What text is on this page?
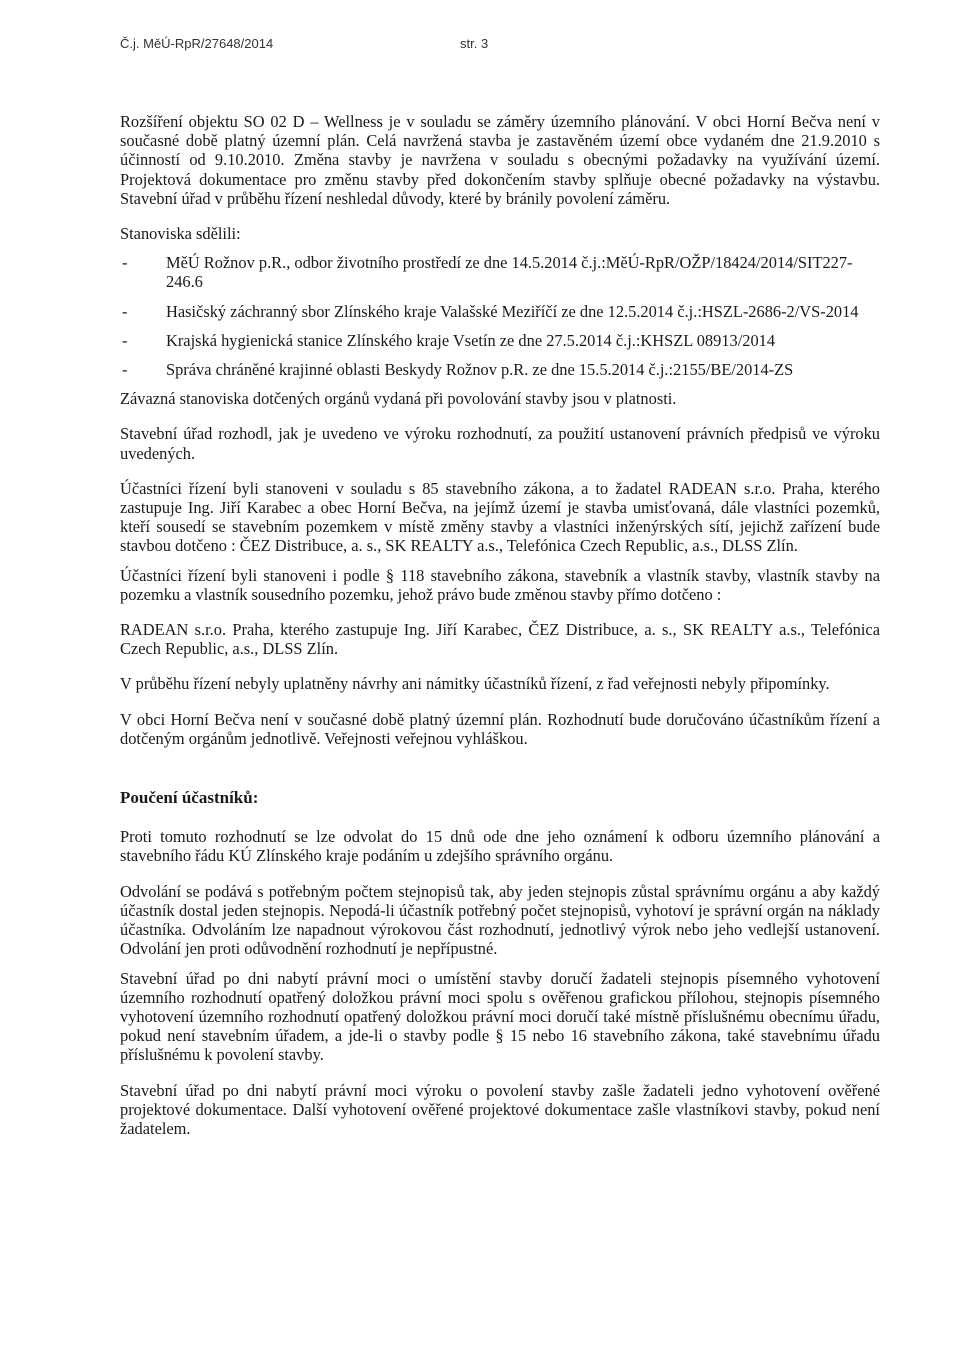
Č.j. MěÚ-RpR/27648/2014	str. 3

Rozšíření objektu SO 02 D – Wellness je v souladu se záměry územního plánování. V obci Horní Bečva není v současné době platný územní plán. Celá navržená stavba je zastavěném území obce vydaném dne 21.9.2010 s účinností od 9.10.2010. Změna stavby je navržena v souladu s obecnými požadavky na využívání území. Projektová dokumentace pro změnu stavby před dokončením stavby splňuje obecné požadavky na výstavbu. Stavební úřad v průběhu řízení neshledal důvody, které by bránily povolení záměru.

Stanoviska sdělili:

- MěÚ Rožnov p.R., odbor životního prostředí ze dne 14.5.2014 č.j.:MěÚ-RpR/OŽP/18424/2014/SIT227-246.6
- Hasičský záchranný sbor Zlínského kraje Valašské Meziříčí ze dne 12.5.2014 č.j.:HSZL-2686-2/VS-2014
- Krajská hygienická stanice Zlínského kraje Vsetín ze dne 27.5.2014 č.j.:KHSZL 08913/2014
- Správa chráněné krajinné oblasti Beskydy Rožnov p.R. ze dne 15.5.2014 č.j.:2155/BE/2014-ZS

Závazná stanoviska dotčených orgánů vydaná při povolování stavby jsou v platnosti.

Stavební úřad rozhodl, jak je uvedeno ve výroku rozhodnutí, za použití ustanovení právních předpisů ve výroku uvedených.

Účastníci řízení byli stanoveni v souladu s 85 stavebního zákona, a to žadatel RADEAN s.r.o. Praha, kterého zastupuje Ing. Jiří Karabec a obec Horní Bečva, na jejímž území je stavba umisťovaná, dále vlastníci pozemků, kteří sousedí se stavebním pozemkem v místě změny stavby a vlastníci inženýrských sítí, jejichž zařízení bude stavbou dotčeno : ČEZ Distribuce, a. s., SK REALTY a.s., Telefónica Czech Republic, a.s., DLSS Zlín.

Účastníci řízení byli stanoveni i podle § 118 stavebního zákona, stavebník a vlastník stavby, vlastník stavby na pozemku a vlastník sousedního pozemku, jehož právo bude změnou stavby přímo dotčeno :

RADEAN s.r.o. Praha, kterého zastupuje Ing. Jiří Karabec, ČEZ Distribuce, a. s., SK REALTY a.s., Telefónica Czech Republic, a.s., DLSS Zlín.

V průběhu řízení nebyly uplatněny návrhy ani námitky účastníků řízení, z řad veřejnosti nebyly připomínky.

V obci Horní Bečva není v současné době platný územní plán. Rozhodnutí bude doručováno účastníkům řízení a dotčeným orgánům jednotlivě. Veřejnosti veřejnou vyhláškou.

Poučení účastníků:

Proti tomuto rozhodnutí se lze odvolat do 15 dnů ode dne jeho oznámení k odboru územního plánování a stavebního řádu KÚ Zlínského kraje podáním u zdejšího správního orgánu.

Odvolání se podává s potřebným počtem stejnopisů tak, aby jeden stejnopis zůstal správnímu orgánu a aby každý účastník dostal jeden stejnopis. Nepodá-li účastník potřebný počet stejnopisů, vyhotoví je správní orgán na náklady účastníka. Odvoláním lze napadnout výrokovou část rozhodnutí, jednotlivý výrok nebo jeho vedlejší ustanovení. Odvolání jen proti odůvodnění rozhodnutí je nepřípustné.

Stavební úřad po dni nabytí právní moci o umístění stavby doručí žadateli stejnopis písemného vyhotovení územního rozhodnutí opatřený doložkou právní moci spolu s ověřenou grafickou přílohou, stejnopis písemného vyhotovení územního rozhodnutí opatřený doložkou právní moci doručí také místně příslušnému obecnímu úřadu, pokud není stavebním úřadem, a jde-li o stavby podle § 15 nebo 16 stavebního zákona, také stavebnímu úřadu příslušnému k povolení stavby.

Stavební úřad po dni nabytí právní moci výroku o povolení stavby zašle žadateli jedno vyhotovení ověřené projektové dokumentace. Další vyhotovení ověřené projektové dokumentace zašle vlastníkovi stavby, pokud není žadatelem.
